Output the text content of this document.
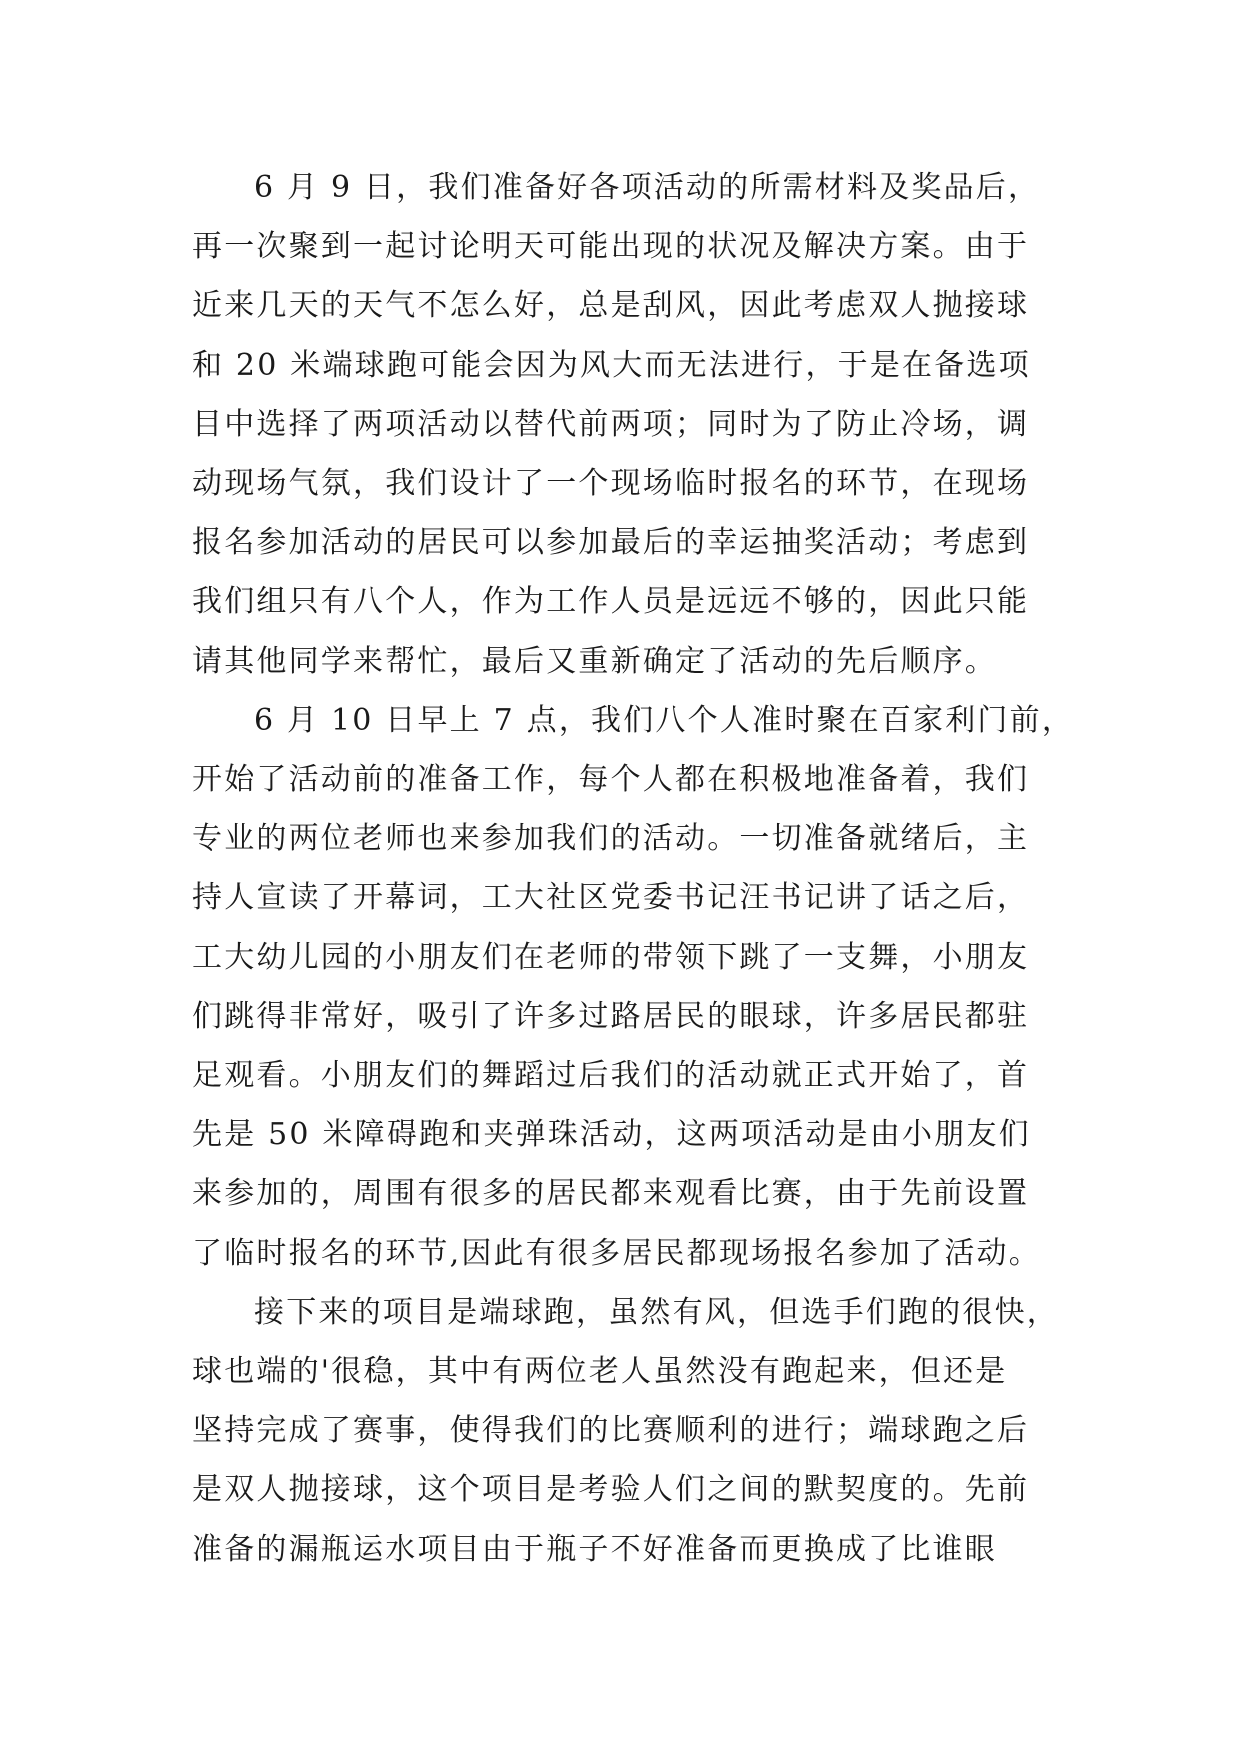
6 月 9 日，我们准备好各项活动的所需材料及奖品后，
再一次聚到一起讨论明天可能出现的状况及解决方案。由于
近来几天的天气不怎么好，总是刮风，因此考虑双人抛接球
和 20 米端球跑可能会因为风大而无法进行，于是在备选项
目中选择了两项活动以替代前两项；同时为了防止冷场，调
动现场气氛，我们设计了一个现场临时报名的环节，在现场
报名参加活动的居民可以参加最后的幸运抽奖活动；考虑到
我们组只有八个人，作为工作人员是远远不够的，因此只能
请其他同学来帮忙，最后又重新确定了活动的先后顺序。

6 月 10 日早上 7 点，我们八个人准时聚在百家利门前，
开始了活动前的准备工作，每个人都在积极地准备着，我们
专业的两位老师也来参加我们的活动。一切准备就绪后，主
持人宣读了开幕词，工大社区党委书记汪书记讲了话之后，
工大幼儿园的小朋友们在老师的带领下跳了一支舞，小朋友
们跳得非常好，吸引了许多过路居民的眼球，许多居民都驻
足观看。小朋友们的舞蹈过后我们的活动就正式开始了，首
先是 50 米障碍跑和夹弹珠活动，这两项活动是由小朋友们
来参加的，周围有很多的居民都来观看比赛，由于先前设置
了临时报名的环节,因此有很多居民都现场报名参加了活动。

接下来的项目是端球跑，虽然有风，但选手们跑的很快，
球也端的'很稳，其中有两位老人虽然没有跑起来，但还是
坚持完成了赛事，使得我们的比赛顺利的进行；端球跑之后
是双人抛接球，这个项目是考验人们之间的默契度的。先前
准备的漏瓶运水项目由于瓶子不好准备而更换成了比谁眼
